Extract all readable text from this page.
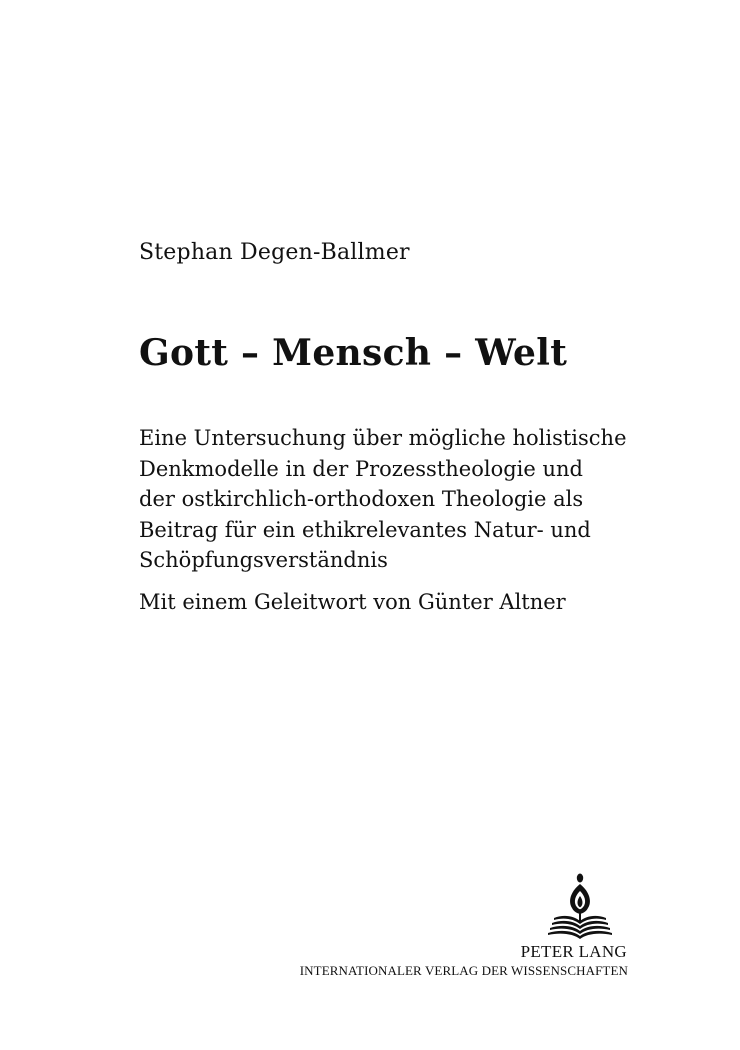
Stephan Degen-Ballmer
Gott – Mensch – Welt
Eine Untersuchung über mögliche holistische
Denkmodelle in der Prozesstheologie und
der ostkirchlich-orthodoxen Theologie als
Beitrag für ein ethikrelevantes Natur- und
Schöpfungsverständnis
Mit einem Geleitwort von Günter Altner
PETER LANG
INTERNATIONALER VERLAG DER WISSENSCHAFTEN
